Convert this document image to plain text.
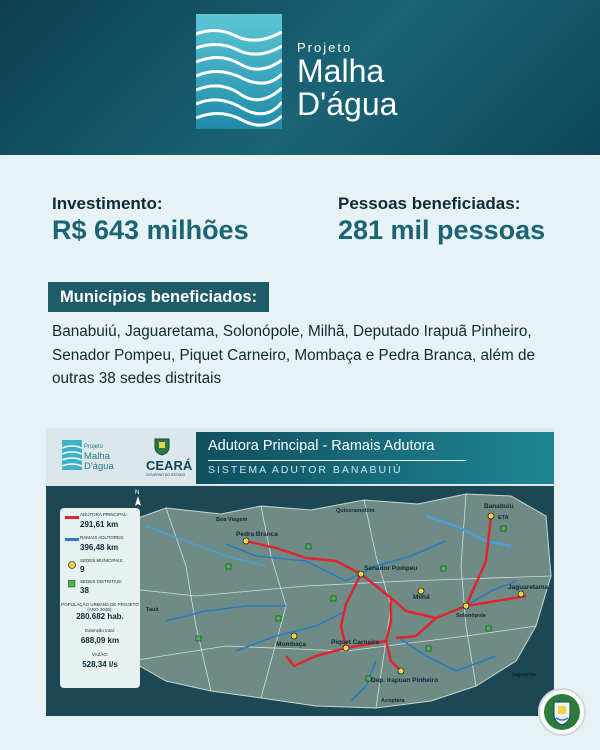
Projeto
Malha
D'água
Investimento:
R$ 643 milhões
Pessoas beneficiadas:
281 mil pessoas
Municípios beneficiados:
Banabuiú, Jaguaretama, Solonópole, Milhã, Deputado Irapuã Pinheiro, Senador Pompeu, Piquet Carneiro, Mombaça e Pedra Branca, além de outras 38 sedes distritais
Projeto
Malha
D'água CEARÁ
GOVERNO DO ESTADO
Adutora Principal - Ramais Adutora
SISTEMA ADUTOR BANABUIÚ
Banabuiú
ETA
Pedra Branca
Senador Pompeu
Milhã
Jaguaretama
Solonópole
Mombaça	Piquet Carneiro
Dep. Irapuan Pinheiro
Boa Viagem
Quixeramobim
Tauá
Acopiara
Jaguaribe
N
ADUTORA PRINCIPAL:
291,61 km
RAMAIS ADUTORES:
396,48 km
SEDES MUNICIPAIS:
9
SEDES DISTRITAIS:
38
POPULAÇÃO URBANA DE PROJETO (ANO 2045):
280.682 hab.
Extensão total:
688,09 km
VAZÃO:
528,34 l/s
